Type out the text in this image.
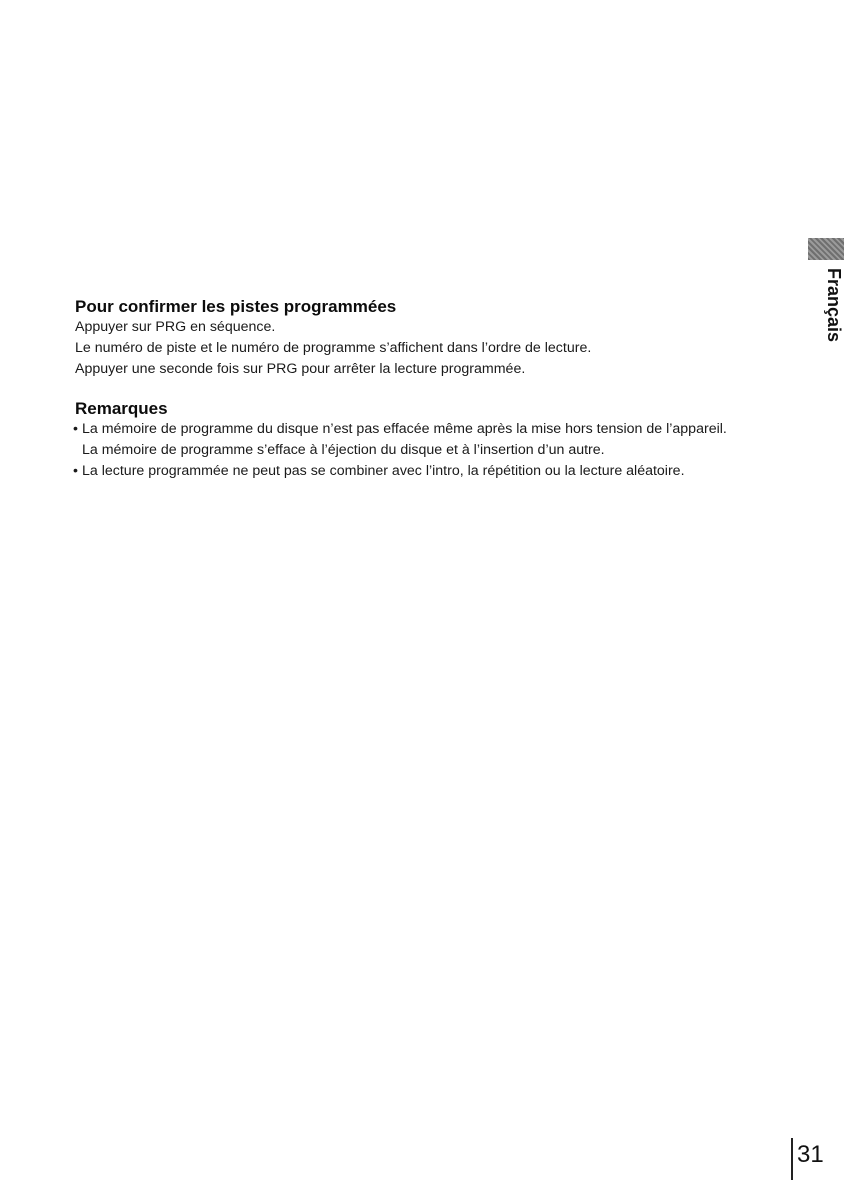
Pour confirmer les pistes programmées

Appuyer sur PRG en séquence.

Le numéro de piste et le numéro de programme s’affichent dans l’ordre de lecture.

Appuyer une seconde fois sur PRG pour arrêter la lecture programmée.

Remarques
• La mémoire de programme du disque n’est pas effacée même après la mise hors tension de l’appareil.
La mémoire de programme s’efface à l’éjection du disque et à l’insertion d’un autre.
• La lecture programmée ne peut pas se combiner avec l’intro, la répétition ou la lecture aléatoire.
Français
31
